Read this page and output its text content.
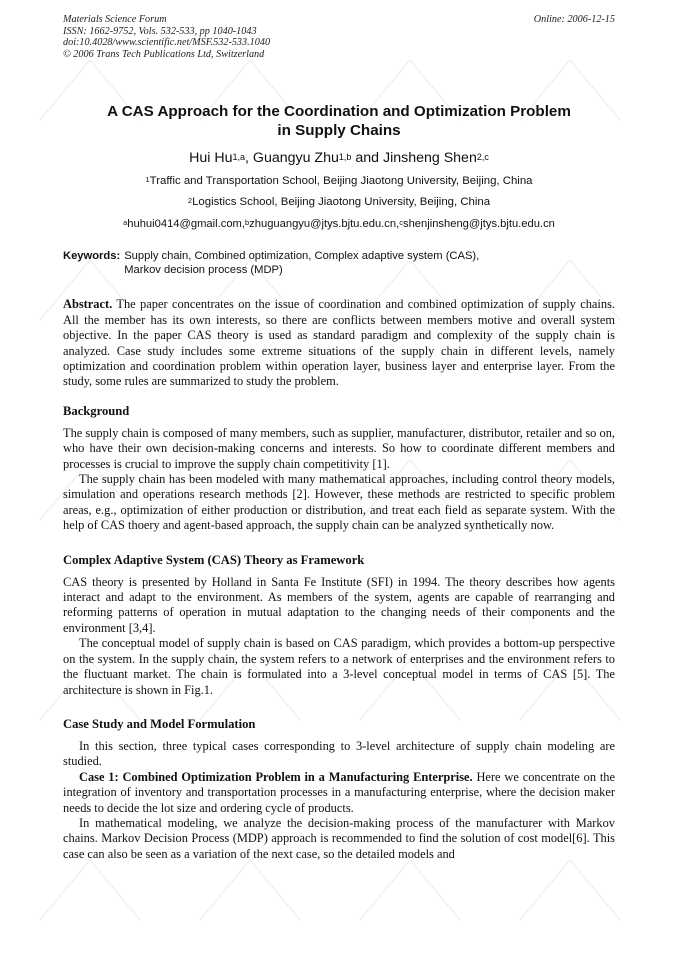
Materials Science Forum
ISSN: 1662-9752, Vols. 532-533, pp 1040-1043
doi:10.4028/www.scientific.net/MSF.532-533.1040
© 2006 Trans Tech Publications Ltd, Switzerland
Online: 2006-12-15
A CAS Approach for the Coordination and Optimization Problem
in Supply Chains
Hui Hu$^{1,a}$, Guangyu Zhu$^{1,b}$ and Jinsheng Shen$^{2,c}$
$^1$Traffic and Transportation School, Beijing Jiaotong University, Beijing, China
$^2$Logistics School, Beijing Jiaotong University, Beijing, China
$^a$huhui0414@gmail.com,$^b$zhuguangyu@jtys.bjtu.edu.cn,$^c$shenjinsheng@jtys.bjtu.edu.cn
Keywords: Supply chain, Combined optimization, Complex adaptive system (CAS),
Markov decision process (MDP)

Abstract. The paper concentrates on the issue of coordination and combined optimization of supply chains. All the member has its own interests, so there are conflicts between members motive and overall system objective. In the paper CAS theory is used as standard paradigm and complexity of the supply chain is analyzed. Case study includes some extreme situations of the supply chain in different levels, namely optimization and coordination problem within operation layer, business layer and enterprise layer. From the study, some rules are summarized to study the problem.

Background

The supply chain is composed of many members, such as supplier, manufacturer, distributor, retailer and so on, who have their own decision-making concerns and interests. So how to coordinate different members and processes is crucial to improve the supply chain competitivity [1].

The supply chain has been modeled with many mathematical approaches, including control theory models, simulation and operations research methods [2]. However, these methods are restricted to specific problem areas, e.g., optimization of either production or distribution, and treat each field as separate system. With the help of CAS thoery and agent-based approach, the supply chain can be analyzed synthetically now.

Complex Adaptive System (CAS) Theory as Framework

CAS theory is presented by Holland in Santa Fe Institute (SFI) in 1994. The theory describes how agents interact and adapt to the environment. As members of the system, agents are capable of rearranging and reforming patterns of operation in mutual adaptation to the changing needs of their components and the environment [3,4].

The conceptual model of supply chain is based on CAS paradigm, which provides a bottom-up perspective on the system. In the supply chain, the system refers to a network of enterprises and the environment refers to the fluctuant market. The chain is formulated into a 3-level conceptual model in terms of CAS [5]. The architecture is shown in Fig.1.

Case Study and Model Formulation

In this section, three typical cases corresponding to 3-level architecture of supply chain modeling are studied.

Case 1: Combined Optimization Problem in a Manufacturing Enterprise. Here we concentrate on the integration of inventory and transportation processes in a manufacturing enterprise, where the decision maker needs to decide the lot size and ordering cycle of products.

In mathematical modeling, we analyze the decision-making process of the manufacturer with Markov chains. Markov Decision Process (MDP) approach is recommended to find the solution of cost model[6]. This case can also be seen as a variation of the next case, so the detailed models and
